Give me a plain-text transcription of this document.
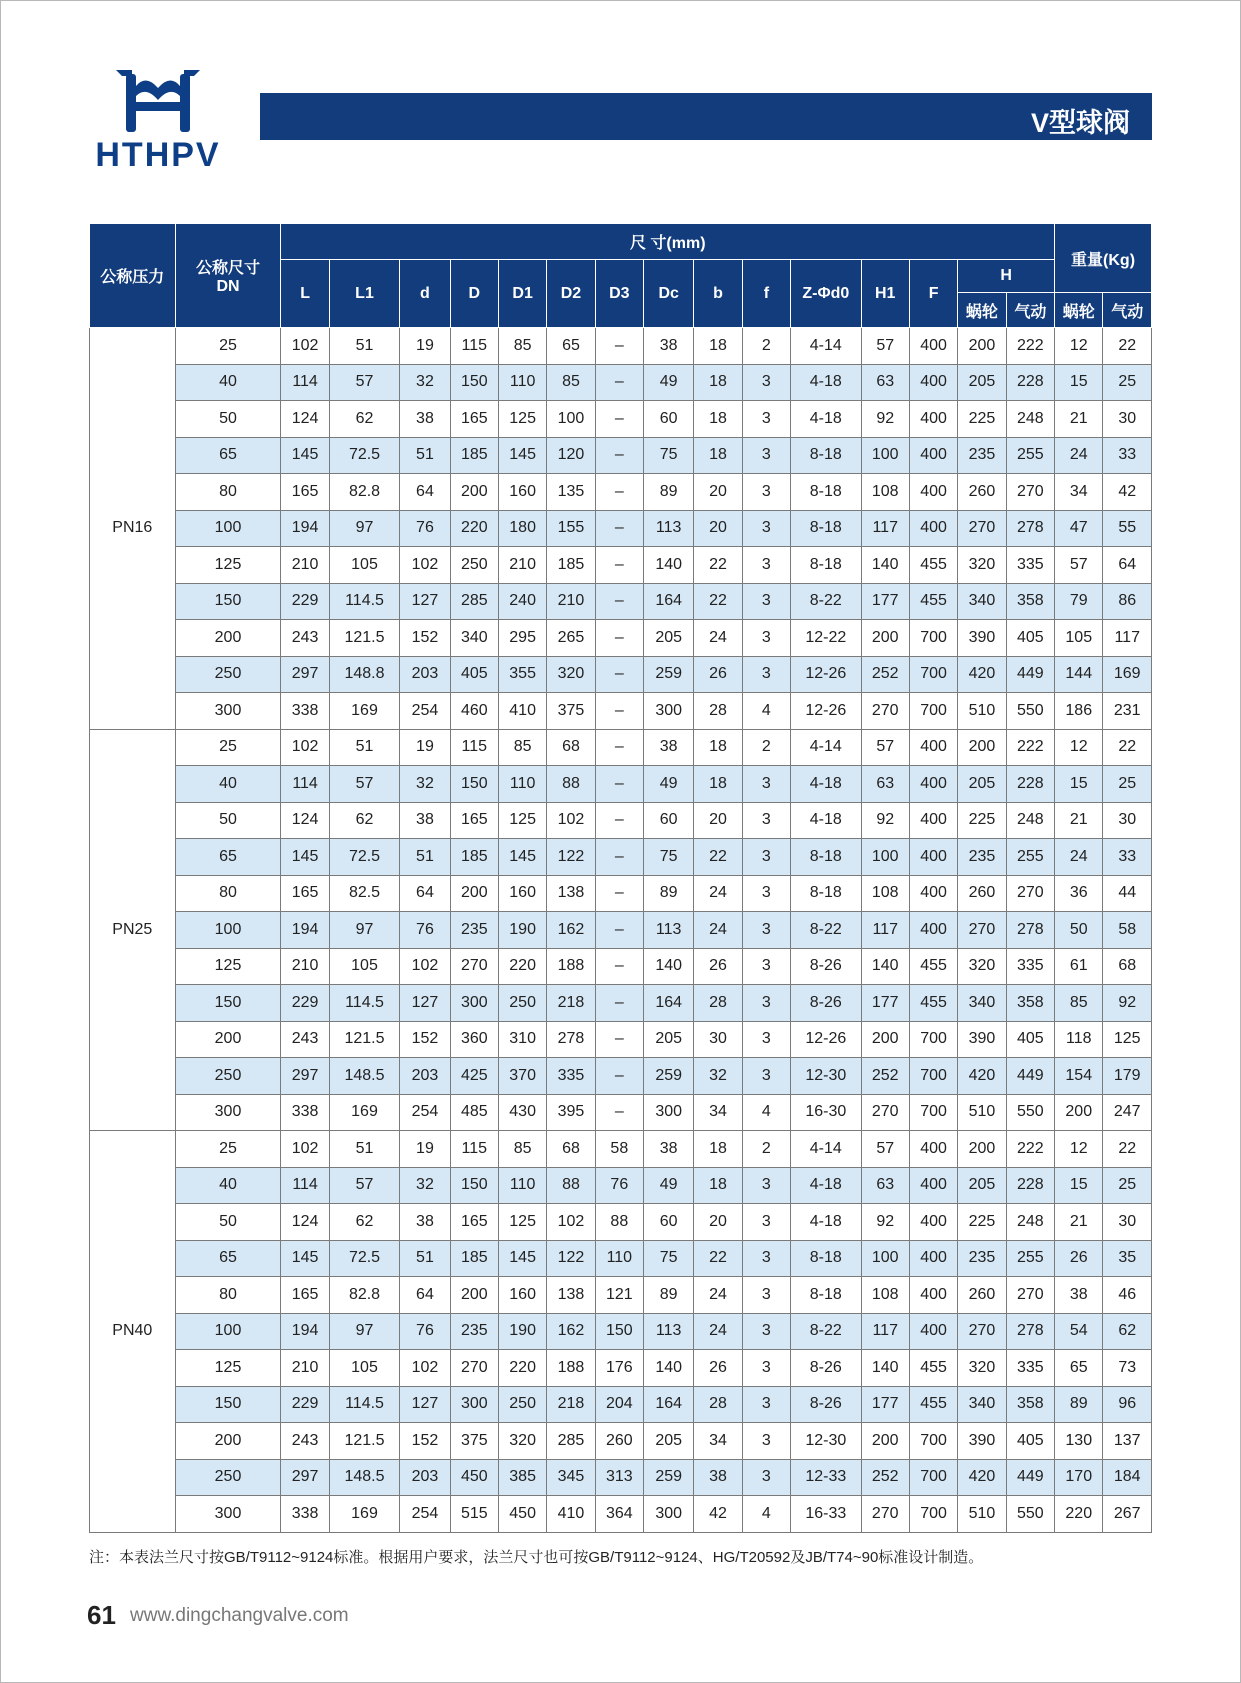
HTHPV
V型球阀
公称压力	公称尺寸
DN	尺 寸(mm)															重量(Kg)	
		L	L1	d	D	D1	D2	D3	Dc	b	f	Z-Φd0	H1	F	H			
															蜗轮	气动	蜗轮	气动
PN16	25	102	51	19	115	85	65	–	38	18	2	4-14	57	400	200	222	12	22
	40	114	57	32	150	110	85	–	49	18	3	4-18	63	400	205	228	15	25
	50	124	62	38	165	125	100	–	60	18	3	4-18	92	400	225	248	21	30
	65	145	72.5	51	185	145	120	–	75	18	3	8-18	100	400	235	255	24	33
	80	165	82.8	64	200	160	135	–	89	20	3	8-18	108	400	260	270	34	42
	100	194	97	76	220	180	155	–	113	20	3	8-18	117	400	270	278	47	55
	125	210	105	102	250	210	185	–	140	22	3	8-18	140	455	320	335	57	64
	150	229	114.5	127	285	240	210	–	164	22	3	8-22	177	455	340	358	79	86
	200	243	121.5	152	340	295	265	–	205	24	3	12-22	200	700	390	405	105	117
	250	297	148.8	203	405	355	320	–	259	26	3	12-26	252	700	420	449	144	169
	300	338	169	254	460	410	375	–	300	28	4	12-26	270	700	510	550	186	231
PN25	25	102	51	19	115	85	68	–	38	18	2	4-14	57	400	200	222	12	22
	40	114	57	32	150	110	88	–	49	18	3	4-18	63	400	205	228	15	25
	50	124	62	38	165	125	102	–	60	20	3	4-18	92	400	225	248	21	30
	65	145	72.5	51	185	145	122	–	75	22	3	8-18	100	400	235	255	24	33
	80	165	82.5	64	200	160	138	–	89	24	3	8-18	108	400	260	270	36	44
	100	194	97	76	235	190	162	–	113	24	3	8-22	117	400	270	278	50	58
	125	210	105	102	270	220	188	–	140	26	3	8-26	140	455	320	335	61	68
	150	229	114.5	127	300	250	218	–	164	28	3	8-26	177	455	340	358	85	92
	200	243	121.5	152	360	310	278	–	205	30	3	12-26	200	700	390	405	118	125
	250	297	148.5	203	425	370	335	–	259	32	3	12-30	252	700	420	449	154	179
	300	338	169	254	485	430	395	–	300	34	4	16-30	270	700	510	550	200	247
PN40	25	102	51	19	115	85	68	58	38	18	2	4-14	57	400	200	222	12	22
	40	114	57	32	150	110	88	76	49	18	3	4-18	63	400	205	228	15	25
	50	124	62	38	165	125	102	88	60	20	3	4-18	92	400	225	248	21	30
	65	145	72.5	51	185	145	122	110	75	22	3	8-18	100	400	235	255	26	35
	80	165	82.8	64	200	160	138	121	89	24	3	8-18	108	400	260	270	38	46
	100	194	97	76	235	190	162	150	113	24	3	8-22	117	400	270	278	54	62
	125	210	105	102	270	220	188	176	140	26	3	8-26	140	455	320	335	65	73
	150	229	114.5	127	300	250	218	204	164	28	3	8-26	177	455	340	358	89	96
	200	243	121.5	152	375	320	285	260	205	34	3	12-30	200	700	390	405	130	137
	250	297	148.5	203	450	385	345	313	259	38	3	12-33	252	700	420	449	170	184
	300	338	169	254	515	450	410	364	300	42	4	16-33	270	700	510	550	220	267
注：本表法兰尺寸按GB/T9112~9124标准。根据用户要求，法兰尺寸也可按GB/T9112~9124、HG/T20592及JB/T74~90标准设计制造。
61 www.dingchangvalve.com
